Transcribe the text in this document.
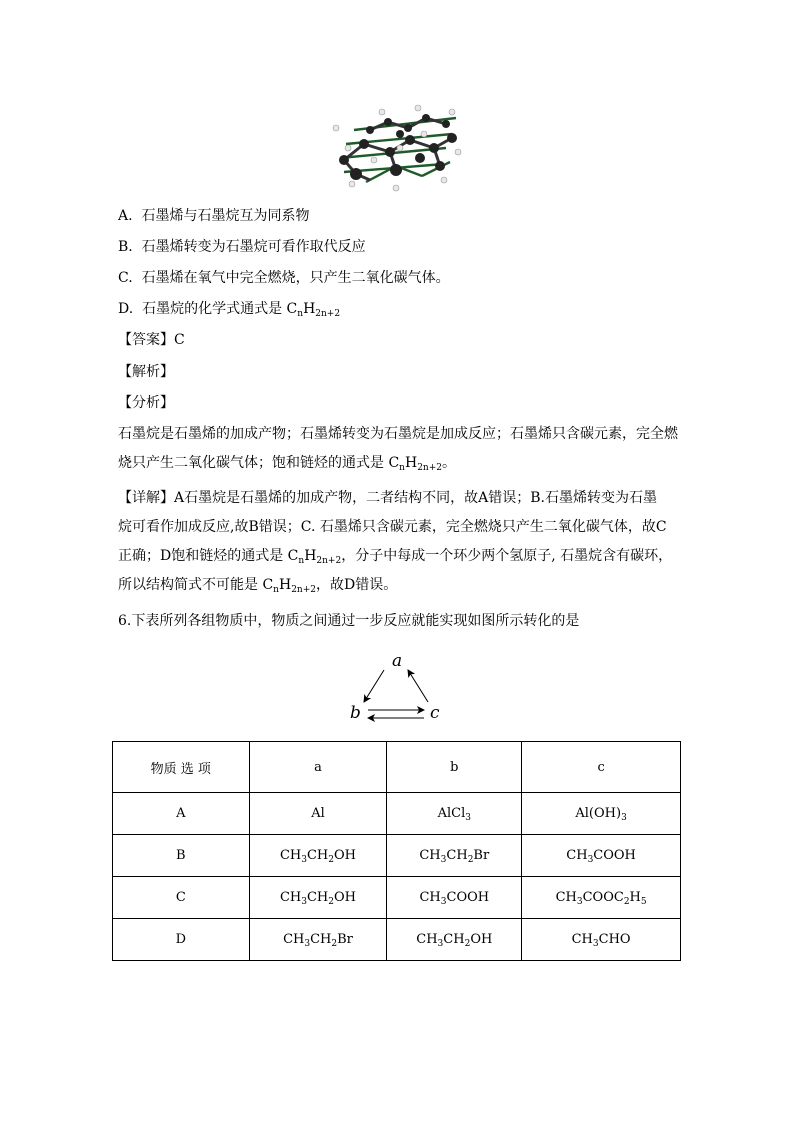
A. 石墨烯与石墨烷互为同系物
B. 石墨烯转变为石墨烷可看作取代反应
C. 石墨烯在氧气中完全燃烧，只产生二氧化碳气体。
D. 石墨烷的化学式通式是 $C_nH_{2n+2}$
【答案】C
【解析】
【分析】
石墨烷是石墨烯的加成产物；石墨烯转变为石墨烷是加成反应；石墨烯只含碳元素，完全燃
烧只产生二氧化碳气体；饱和链烃的通式是 $C_nH_{2n+2}$。
【详解】A石墨烷是石墨烯的加成产物，二者结构不同，故A错误；B.石墨烯转变为石墨
烷可看作加成反应,故B错误；C. 石墨烯只含碳元素，完全燃烧只产生二氧化碳气体，故C
正确；D饱和链烃的通式是 $C_nH_{2n+2}$，分子中每成一个环少两个氢原子, 石墨烷含有碳环，
所以结构简式不可能是 $C_nH_{2n+2}$，故D错误。
6.下表所列各组物质中，物质之间通过一步反应就能实现如图所示转化的是
a
b	c
物质 选 项	a	b	c
A	Al	AlCl$_3$	$Al(OH)_3$
B	$CH_3CH_2OH$	$CH_3CH_2Br$	$CH_3COOH$
C	$CH_3CH_2OH$	$CH_3COOH$	$CH_3COOC_2H_5$
D	$CH_3CH_2Br$	$CH_3CH_2OH$	$CH_3CHO$
